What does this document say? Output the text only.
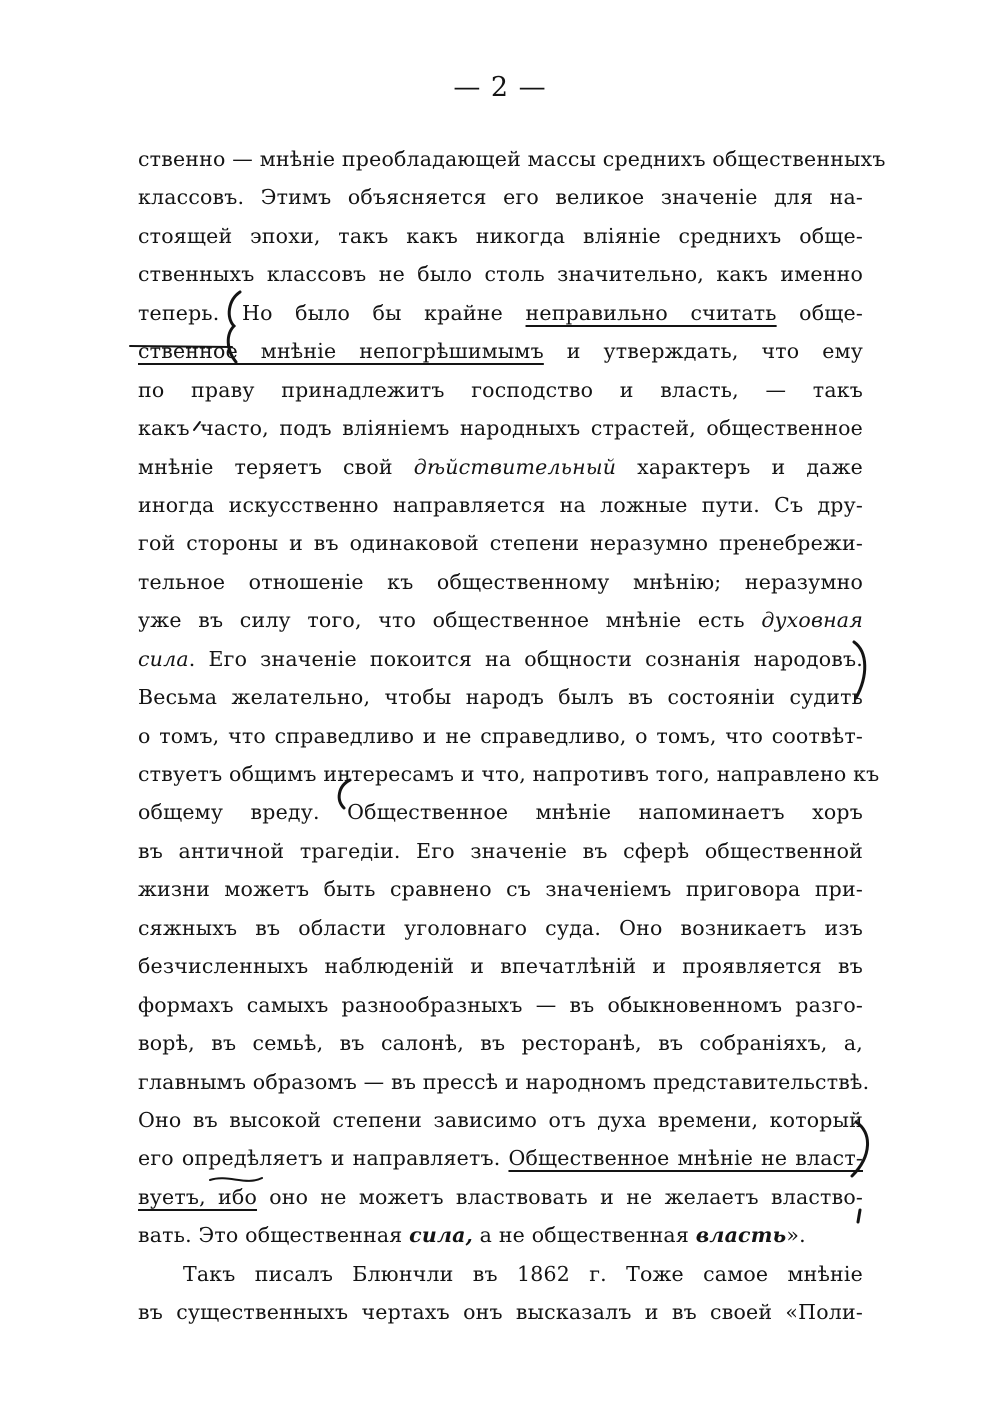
— 2 —
ственно — мнѣніе преобладающей массы среднихъ общественныхъ
классовъ. Этимъ объясняется его великое значеніе для на-
стоящей эпохи, такъ какъ никогда вліяніе среднихъ обще-
ственныхъ классовъ не было столь значительно, какъ именно
теперь. Но было бы крайне неправильно считать обще-
ственное мнѣніе непогрѣшимымъ и утверждать, что ему
по праву принадлежитъ господство и власть, — такъ
какъ часто, подъ вліяніемъ народныхъ страстей, общественное
мнѣніе теряетъ свой дѣйствительный характеръ и даже
иногда искусственно направляется на ложные пути. Съ дру-
гой стороны и въ одинаковой степени неразумно пренебрежи-
тельное отношеніе къ общественному мнѣнію; неразумно
уже въ силу того, что общественное мнѣніе есть духовная
сила. Его значеніе покоится на общности сознанія народовъ.
Весьма желательно, чтобы народъ былъ въ состояніи судить
о томъ, что справедливо и не справедливо, о томъ, что соотвѣт-
ствуетъ общимъ интересамъ и что, напротивъ того, направлено къ
общему вреду. Общественное мнѣніе напоминаетъ хоръ
въ античной трагедіи. Его значеніе въ сферѣ общественной
жизни можетъ быть сравнено съ значеніемъ приговора при-
сяжныхъ въ области уголовнаго суда. Оно возникаетъ изъ
безчисленныхъ наблюденій и впечатлѣній и проявляется въ
формахъ самыхъ разнообразныхъ — въ обыкновенномъ разго-
ворѣ, въ семьѣ, въ салонѣ, въ ресторанѣ, въ собраніяхъ, а,
главнымъ образомъ — въ прессѣ и народномъ представительствѣ.
Оно въ высокой степени зависимо отъ духа времени, который
его опредѣляетъ и направляетъ. Общественное мнѣніе не власт-
вуетъ, ибо оно не можетъ властвовать и не желаетъ властво-
вать. Это общественная сила, а не общественная власть».
Такъ писалъ Блюнчли въ 1862 г. Тоже самое мнѣніе
въ существенныхъ чертахъ онъ высказалъ и въ своей «Поли-
